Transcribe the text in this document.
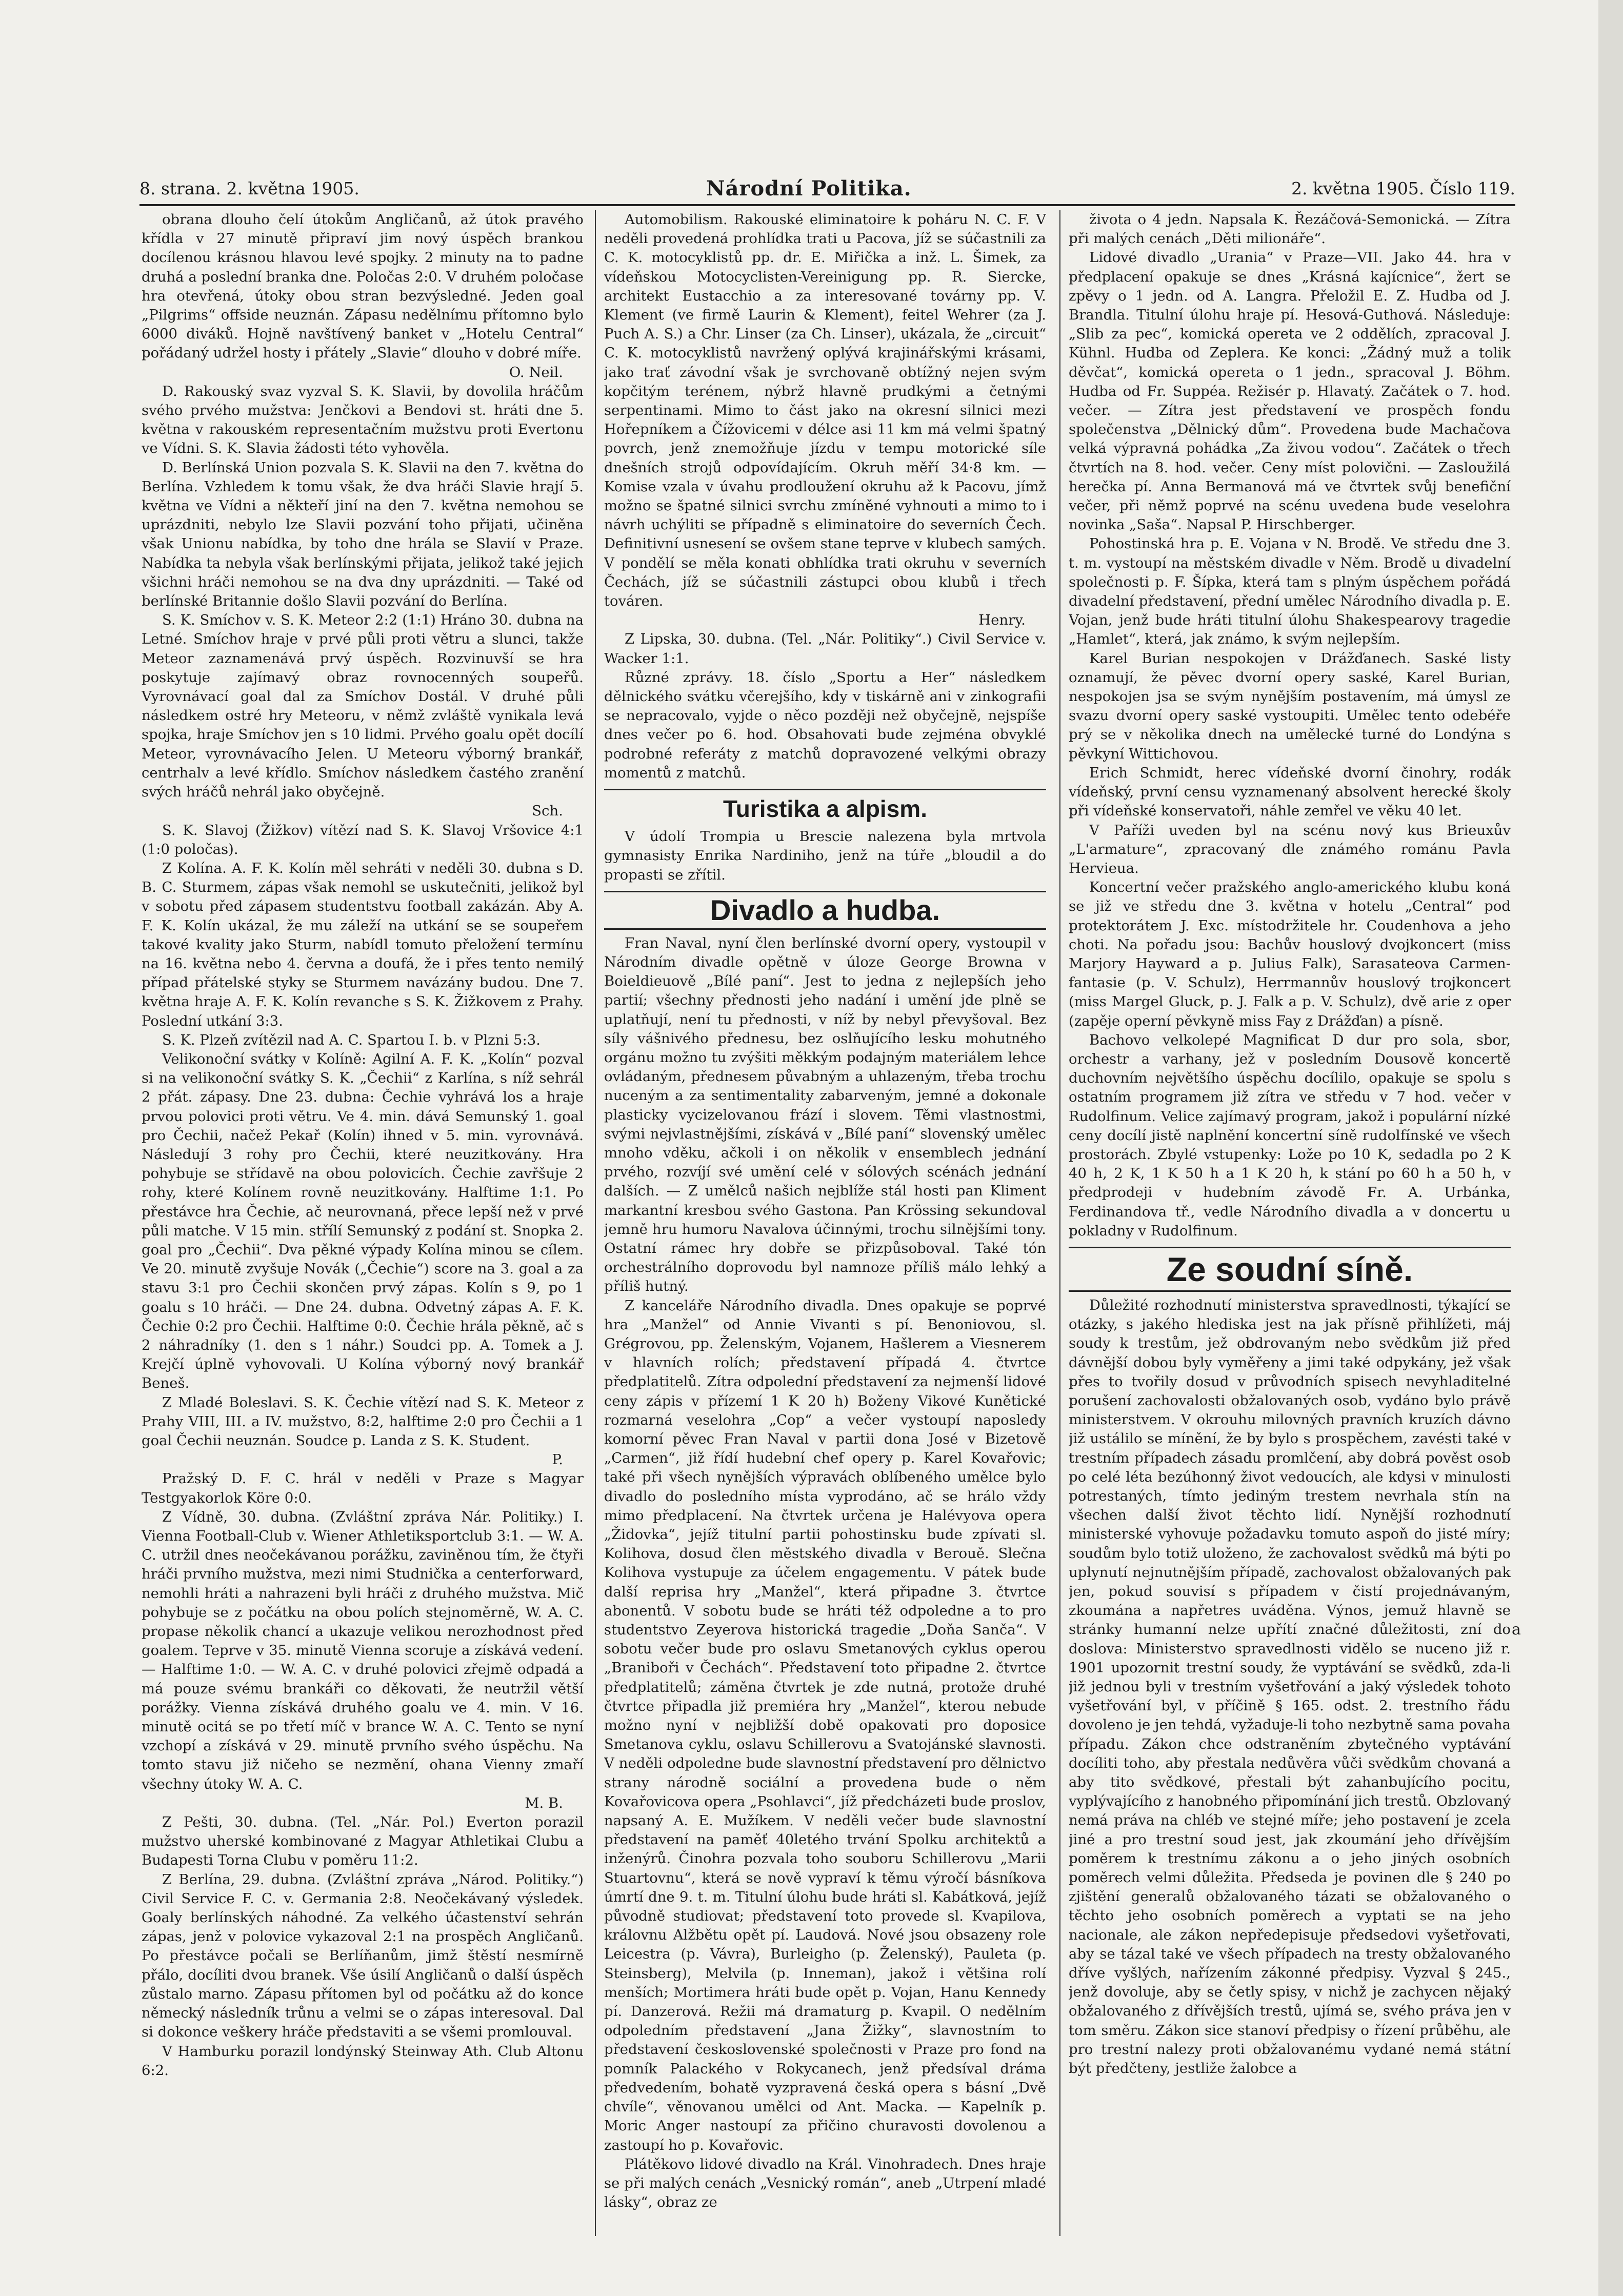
8. strana. 2. května 1905.	Národní Politika.	2. května 1905. Číslo 119.

obrana dlouho čelí útokům Angličanů, až útok pravého křídla v 27 minutě připraví jim nový úspěch brankou docílenou krásnou hlavou levé spojky. 2 minuty na to padne druhá a poslední branka dne. Poločas 2:0. V druhém poločase hra otevřená, útoky obou stran bezvýsledné. Jeden goal „Pilgrims“ offside neuznán. Zápasu nedělnímu přítomno bylo 6000 diváků. Hojně navštívený banket v „Hotelu Central“ pořádaný udržel hosty i přátely „Slavie“ dlouho v dobré míře.

O. Neil.

D. Rakouský svaz vyzval S. K. Slavii, by dovolila hráčům svého prvého mužstva: Jenčkovi a Bendovi st. hráti dne 5. května v rakouském representačním mužstvu proti Evertonu ve Vídni. S. K. Slavia žádosti této vyhověla.

D. Berlínská Union pozvala S. K. Slavii na den 7. května do Berlína. Vzhledem k tomu však, že dva hráči Slavie hrají 5. května ve Vídni a někteří jiní na den 7. května nemohou se uprázdniti, nebylo lze Slavii pozvání toho přijati, učiněna však Unionu nabídka, by toho dne hrála se Slavií v Praze. Nabídka ta nebyla však berlínskými přijata, jelikož také jejich všichni hráči nemohou se na dva dny uprázdniti. — Také od berlínské Britannie došlo Slavii pozvání do Berlína.

S. K. Smíchov v. S. K. Meteor 2:2 (1:1) Hráno 30. dubna na Letné. Smíchov hraje v prvé půli proti větru a slunci, takže Meteor zaznamenává prvý úspěch. Rozvinuvší se hra poskytuje zajímavý obraz rovnocenných soupeřů. Vyrovnávací goal dal za Smíchov Dostál. V druhé půli následkem ostré hry Meteoru, v němž zvláště vynikala levá spojka, hraje Smíchov jen s 10 lidmi. Prvého goalu opět docílí Meteor, vyrovnávacího Jelen. U Meteoru výborný brankář, centrhalv a levé křídlo. Smíchov následkem častého zranění svých hráčů nehrál jako obyčejně.

Sch.

S. K. Slavoj (Žižkov) vítězí nad S. K. Slavoj Vršovice 4:1 (1:0 poločas).

Z Kolína. A. F. K. Kolín měl sehráti v neděli 30. dubna s D. B. C. Sturmem, zápas však nemohl se uskutečniti, jelikož byl v sobotu před zápasem studentstvu football zakázán. Aby A. F. K. Kolín ukázal, že mu záleží na utkání se se soupeřem takové kvality jako Sturm, nabídl tomuto přeložení termínu na 16. května nebo 4. června a doufá, že i přes tento nemilý případ přátelské styky se Sturmem navázány budou. Dne 7. května hraje A. F. K. Kolín revanche s S. K. Žižkovem z Prahy. Poslední utkání 3:3.

S. K. Plzeň zvítězil nad A. C. Spartou I. b. v Plzni 5:3.

Velikonoční svátky v Kolíně: Agilní A. F. K. „Kolín“ pozval si na velikonoční svátky S. K. „Čechii“ z Karlína, s níž sehrál 2 přát. zápasy. Dne 23. dubna: Čechie vyhrává los a hraje prvou polovici proti větru. Ve 4. min. dává Semunský 1. goal pro Čechii, načež Pekař (Kolín) ihned v 5. min. vyrovnává. Následují 3 rohy pro Čechii, které neuzitkovány. Hra pohybuje se střídavě na obou polovicích. Čechie zavřšuje 2 rohy, které Kolínem rovně neuzitkovány. Halftime 1:1. Po přestávce hra Čechie, ač neurovnaná, přece lepší než v prvé půli matche. V 15 min. střílí Semunský z podání st. Snopka 2. goal pro „Čechii“. Dva pěkné výpady Kolína minou se cílem. Ve 20. minutě zvyšuje Novák („Čechie“) score na 3. goal a za stavu 3:1 pro Čechii skončen prvý zápas. Kolín s 9, po 1 goalu s 10 hráči. — Dne 24. dubna. Odvetný zápas A. F. K. Čechie 0:2 pro Čechii. Halftime 0:0. Čechie hrála pěkně, ač s 2 náhradníky (1. den s 1 náhr.) Soudci pp. A. Tomek a J. Krejčí úplně vyhovovali. U Kolína výborný nový brankář Beneš.

Z Mladé Boleslavi. S. K. Čechie vítězí nad S. K. Meteor z Prahy VIII, III. a IV. mužstvo, 8:2, halftime 2:0 pro Čechii a 1 goal Čechii neuznán. Soudce p. Landa z S. K. Student.

P.

Pražský D. F. C. hrál v neděli v Praze s Magyar Testgyakorlok Köre 0:0.

Z Vídně, 30. dubna. (Zvláštní zpráva Nár. Politiky.) I. Vienna Football-Club v. Wiener Athletiksportclub 3:1. — W. A. C. utržil dnes neočekávanou porážku, zaviněnou tím, že čtyři hráči prvního mužstva, mezi nimi Studnička a centerforward, nemohli hráti a nahrazeni byli hráči z druhého mužstva. Mič pohybuje se z počátku na obou polích stejnoměrně, W. A. C. propase několik chancí a ukazuje velikou nerozhodnost před goalem. Teprve v 35. minutě Vienna scoruje a získává vedení. — Halftime 1:0. — W. A. C. v druhé polovici zřejmě odpadá a má pouze svému brankáři co děkovati, že neutržil větší porážky. Vienna získává druhého goalu ve 4. min. V 16. minutě ocitá se po třetí míč v brance W. A. C. Tento se nyní vzchopí a získává v 29. minutě prvního svého úspěchu. Na tomto stavu již ničeho se nezmění, ohana Vienny zmaří všechny útoky W. A. C.

M. B.

Z Pešti, 30. dubna. (Tel. „Nár. Pol.) Everton porazil mužstvo uherské kombinované z Magyar Athletikai Clubu a Budapesti Torna Clubu v poměru 11:2.

Z Berlína, 29. dubna. (Zvláštní zpráva „Národ. Politiky.“) Civil Service F. C. v. Germania 2:8. Neočekávaný výsledek. Goaly berlínských náhodné. Za velkého účastenství sehrán zápas, jenž v polovice vykazoval 2:1 na prospěch Angličanů. Po přestávce počali se Berlíňanům, jimž štěstí nesmírně přálo, docíliti dvou branek. Vše úsilí Angličanů o další úspěch zůstalo marno. Zápasu přítomen byl od počátku až do konce německý následník trůnu a velmi se o zápas interesoval. Dal si dokonce veškery hráče představiti a se všemi promlouval.

V Hamburku porazil londýnský Steinway Ath. Club Altonu 6:2.

Automobilism. Rakouské eliminatoire k poháru N. C. F. V neděli provedená prohlídka trati u Pacova, jíž se súčastnili za C. K. motocyklistů pp. dr. E. Miřička a inž. L. Šimek, za vídeňskou Motocyclisten-Vereinigung pp. R. Siercke, architekt Eustacchio a za interesované továrny pp. V. Klement (ve firmě Laurin & Klement), feitel Wehrer (za J. Puch A. S.) a Chr. Linser (za Ch. Linser), ukázala, že „circuit“ C. K. motocyklistů navržený oplývá krajinářskými krásami, jako trať závodní však je svrchovaně obtížný nejen svým kopčitým terénem, nýbrž hlavně prudkými a četnými serpentinami. Mimo to část jako na okresní silnici mezi Hořepníkem a Čížovicemi v délce asi 11 km má velmi špatný povrch, jenž znemožňuje jízdu v tempu motorické síle dnešních strojů odpovídajícím. Okruh měří 34·8 km. — Komise vzala v úvahu prodloužení okruhu až k Pacovu, jímž možno se špatné silnici svrchu zmíněné vyhnouti a mimo to i návrh uchýliti se případně s eliminatoire do severních Čech. Definitivní usnesení se ovšem stane teprve v klubech samých. V pondělí se měla konati obhlídka trati okruhu v severních Čechách, jíž se súčastnili zástupci obou klubů i třech továren.

Henry.

Z Lipska, 30. dubna. (Tel. „Nár. Politiky“.) Civil Service v. Wacker 1:1.

Různé zprávy. 18. číslo „Sportu a Her“ následkem dělnického svátku včerejšího, kdy v tiskárně ani v zinkografii se nepracovalo, vyjde o něco později než obyčejně, nejspíše dnes večer po 6. hod. Obsahovati bude zejména obvyklé podrobné referáty z matchů dopravozené velkými obrazy momentů z matchů.

Turistika a alpism.

V údolí Trompia u Brescie nalezena byla mrtvola gymnasisty Enrika Nardiniho, jenž na túře „bloudil a do propasti se zřítil.

Divadlo a hudba.

Fran Naval, nyní člen berlínské dvorní opery, vystoupil v Národním divadle opětně v úloze George Browna v Boieldieuově „Bílé paní“. Jest to jedna z nejlepších jeho partií; všechny přednosti jeho nadání i umění jde plně se uplatňují, není tu přednosti, v níž by nebyl převyšoval. Bez síly vášnivého přednesu, bez oslňujícího lesku mohutného orgánu možno tu zvýšiti měkkým podajným materiálem lehce ovládaným, přednesem půvabným a uhlazeným, třeba trochu nuceným a za sentimentality zabarveným, jemné a dokonale plasticky vycizelovanou frází i slovem. Těmi vlastnostmi, svými nejvlastnějšími, získává v „Bílé paní“ slovenský umělec mnoho vděku, ačkoli i on několik v ensemblech jednání prvého, rozvíjí své umění celé v sólových scénách jednání dalších. — Z umělců našich nejblíže stál hosti pan Kliment markantní kresbou svého Gastona. Pan Krössing sekundoval jemně hru humoru Navalova účinnými, trochu silnějšími tony. Ostatní rámec hry dobře se přizpůsoboval. Také tón orchestrálního doprovodu byl namnoze příliš málo lehký a příliš hutný.

Z kanceláře Národního divadla. Dnes opakuje se poprvé hra „Manžel“ od Annie Vivanti s pí. Benoniovou, sl. Grégrovou, pp. Želenským, Vojanem, Hašlerem a Viesnerem v hlavních rolích; představení případá 4. čtvrtce předplatitelů. Zítra odpolední představení za nejmenší lidové ceny zápis v přízemí 1 K 20 h) Boženy Vikové Kunětické rozmarná veselohra „Cop“ a večer vystoupí naposledy komorní pěvec Fran Naval v partii dona José v Bizetově „Carmen“, již řídí hudební chef opery p. Karel Kovařovic; také při všech nynějších výpravách oblíbeného umělce bylo divadlo do posledního místa vyprodáno, ač se hrálo vždy mimo předplacení. Na čtvrtek určena je Halévyova opera „Židovka“, jejíž titulní partii pohostinsku bude zpívati sl. Kolihova, dosud člen městského divadla v Berouě. Slečna Kolihova vystupuje za účelem engagementu. V pátek bude další reprisa hry „Manžel“, která připadne 3. čtvrtce abonentů. V sobotu bude se hráti též odpoledne a to pro studentstvo Zeyerova historická tragedie „Doňa Sanča“. V sobotu večer bude pro oslavu Smetanových cyklus operou „Braniboři v Čechách“. Představení toto připadne 2. čtvrtce předplatitelů; záměna čtvrtek je zde nutná, protože druhé čtvrtce připadla již premiéra hry „Manžel“, kterou nebude možno nyní v nejbližší době opakovati pro doposice Smetanova cyklu, oslavu Schillerovu a Svatojánské slavnosti. V neděli odpoledne bude slavnostní představení pro dělnictvo strany národně sociální a provedena bude o něm Kovařovicova opera „Psohlavci“, jíž předcházeti bude proslov, napsaný A. E. Mužíkem. V neděli večer bude slavnostní představení na paměť 40letého trvání Spolku architektů a inženýrů. Činohra pozvala toho souboru Schillerovu „Marii Stuartovnu“, která se nově vypraví k těmu výročí básníkova úmrtí dne 9. t. m. Titulní úlohu bude hráti sl. Kabátková, jejíž původně studiovat; představení toto provede sl. Kvapilova, královnu Alžbětu opět pí. Laudová. Nové jsou obsazeny role Leicestra (p. Vávra), Burleigho (p. Želenský), Pauleta (p. Steinsberg), Melvila (p. Inneman), jakož i většina rolí menších; Mortimera hráti bude opět p. Vojan, Hanu Kennedy pí. Danzerová. Režii má dramaturg p. Kvapil. O nedělním odpoledním představení „Jana Žižky“, slavnostním to představení československé společnosti v Praze pro fond na pomník Palackého v Rokycanech, jenž předsíval dráma předvedením, bohatě vyzpravená česká opera s básní „Dvě chvíle“, věnovanou umělci od Ant. Macka. — Kapelník p. Moric Anger nastoupí za přičino churavosti dovolenou a zastoupí ho p. Kovařovic.

Plátěkovo lidové divadlo na Král. Vinohradech. Dnes hraje se při malých cenách „Vesnický román“, aneb „Utrpení mladé lásky“, obraz ze

života o 4 jedn. Napsala K. Řezáčová-Semonická. — Zítra při malých cenách „Děti milionáře“.

Lidové divadlo „Urania“ v Praze—VII. Jako 44. hra v předplacení opakuje se dnes „Krásná kajícnice“, žert se zpěvy o 1 jedn. od A. Langra. Přeložil E. Z. Hudba od J. Brandla. Titulní úlohu hraje pí. Hesová-Guthová. Následuje: „Slib za pec“, komická opereta ve 2 oddělích, zpracoval J. Kühnl. Hudba od Zeplera. Ke konci: „Žádný muž a tolik děvčat“, komická opereta o 1 jedn., spracoval J. Böhm. Hudba od Fr. Suppéa. Režisér p. Hlavatý. Začátek o 7. hod. večer. — Zítra jest představení ve prospěch fondu společenstva „Dělnický dům“. Provedena bude Machačova velká výpravná pohádka „Za živou vodou“. Začátek o třech čtvrtích na 8. hod. večer. Ceny míst polovični. — Zasloužilá herečka pí. Anna Bermanová má ve čtvrtek svůj benefiční večer, při němž poprvé na scénu uvedena bude veselohra novinka „Saša“. Napsal P. Hirschberger.

Pohostinská hra p. E. Vojana v N. Brodě. Ve středu dne 3. t. m. vystoupí na městském divadle v Něm. Brodě u divadelní společnosti p. F. Šípka, která tam s plným úspěchem pořádá divadelní představení, přední umělec Národního divadla p. E. Vojan, jenž bude hráti titulní úlohu Shakespearovy tragedie „Hamlet“, která, jak známo, k svým nejlepším.

Karel Burian nespokojen v Drážďanech. Saské listy oznamují, že pěvec dvorní opery saské, Karel Burian, nespokojen jsa se svým nynějším postavením, má úmysl ze svazu dvorní opery saské vystoupiti. Umělec tento odebéře prý se v několika dnech na umělecké turné do Londýna s pěvkyní Wittichovou.

Erich Schmidt, herec vídeňské dvorní činohry, rodák vídeňský, první censu vyznamenaný absolvent herecké školy při vídeňské konservatoři, náhle zemřel ve věku 40 let.

V Paříži uveden byl na scénu nový kus Brieuxův „L'armature“, zpracovaný dle známého románu Pavla Hervieua.

Koncertní večer pražského anglo-amerického klubu koná se již ve středu dne 3. května v hotelu „Central“ pod protektorátem J. Exc. místodržitele hr. Coudenhova a jeho choti. Na pořadu jsou: Bachův houslový dvojkoncert (miss Marjory Hayward a p. Julius Falk), Sarasateova Carmen-fantasie (p. V. Schulz), Herrmannův houslový trojkoncert (miss Margel Gluck, p. J. Falk a p. V. Schulz), dvě arie z oper (zapěje operní pěvkyně miss Fay z Drážďan) a písně.

Bachovo velkolepé Magnificat D dur pro sola, sbor, orchestr a varhany, jež v posledním Dousově koncertě duchovním největšího úspěchu docílilo, opakuje se spolu s ostatním programem již zítra ve středu v 7 hod. večer v Rudolfinum. Velice zajímavý program, jakož i populární nízké ceny docílí jistě naplnění koncertní síně rudolfínské ve všech prostorách. Zbylé vstupenky: Lože po 10 K, sedadla po 2 K 40 h, 2 K, 1 K 50 h a 1 K 20 h, k stání po 60 h a 50 h, v předprodeji v hudebním závodě Fr. A. Urbánka, Ferdinandova tř., vedle Národního divadla a v doncertu u pokladny v Rudolfinum.

Ze soudní síně.

Důležité rozhodnutí ministerstva spravedlnosti, týkající se otázky, s jakého hlediska jest na jak přísně přihlížeti, máj soudy k trestům, jež obdrovaným nebo svědkům již před dávnější dobou byly vyměřeny a jimi také odpykány, jež však přes to tvořily dosud v průvodních spisech nevyhladitelné porušení zachovalosti obžalovaných osob, vydáno bylo právě ministerstvem. V okrouhu milovných pravních kruzích dávno již ustálilo se mínění, že by bylo s prospěchem, zavésti také v trestním případech zásadu promlčení, aby dobrá pověst osob po celé léta bezúhonný život vedoucích, ale kdysi v minulosti potrestaných, tímto jediným trestem nevrhala stín na všechen další život těchto lidí. Nynější rozhodnutí ministerské vyhovuje požadavku tomuto aspoň do jisté míry; soudům bylo totiž uloženo, že zachovalost svědků má býti po uplynutí nejnutnějším případě, zachovalost obžalovaných pak jen, pokud souvisí s případem v čistí projednávaným, zkoumána a napřetres uváděna. Výnos, jemuž hlavně se stránky humanní nelze upřítí značné důležitosti, zní do doslova: Ministerstvo spravedlnosti vidělo se nuceno již r. 1901 upozornit trestní soudy, že vyptávání se svědků, zda-li již jednou byli v trestním vyšetřování a jaký výsledek tohoto vyšetřování byl, v příčině § 165. odst. 2. trestního řádu dovoleno je jen tehdá, vyžaduje-li toho nezbytně sama povaha případu. Zákon chce odstraněním zbytečného vyptávání docíliti toho, aby přestala nedůvěra vůči svědkům chovaná a aby tito svědkové, přestali být zahanbujícího pocitu, vyplývajícího z hanobného připomínání jich trestů. Obzlovaný nemá práva na chléb ve stejné míře; jeho postavení je zcela jiné a pro trestní soud jest, jak zkoumání jeho dřívějším poměrem k trestnímu zákonu a o jeho jiných osobních poměrech velmi důležita. Předseda je povinen dle § 240 po zjištění generalů obžalovaného tázati se obžalovaného o těchto jeho osobních poměrech a vyptati se na jeho nacionale, ale zákon nepředepisuje předsedovi vyšetřovati, aby se tázal také ve všech případech na tresty obžalovaného dříve vyšlých, nařízením zákonné předpisy. Vyzval § 245., jenž dovoluje, aby se četly spisy, v nichž je zachycen nějaký obžalovaného z dřívějších trestů, ujímá se, svého práva jen v tom směru. Zákon sice stanoví předpisy o řízení průběhu, ale pro trestní nalezy proti obžalovanému vydané nemá státní být předčteny, jestliže žalobce a

a
